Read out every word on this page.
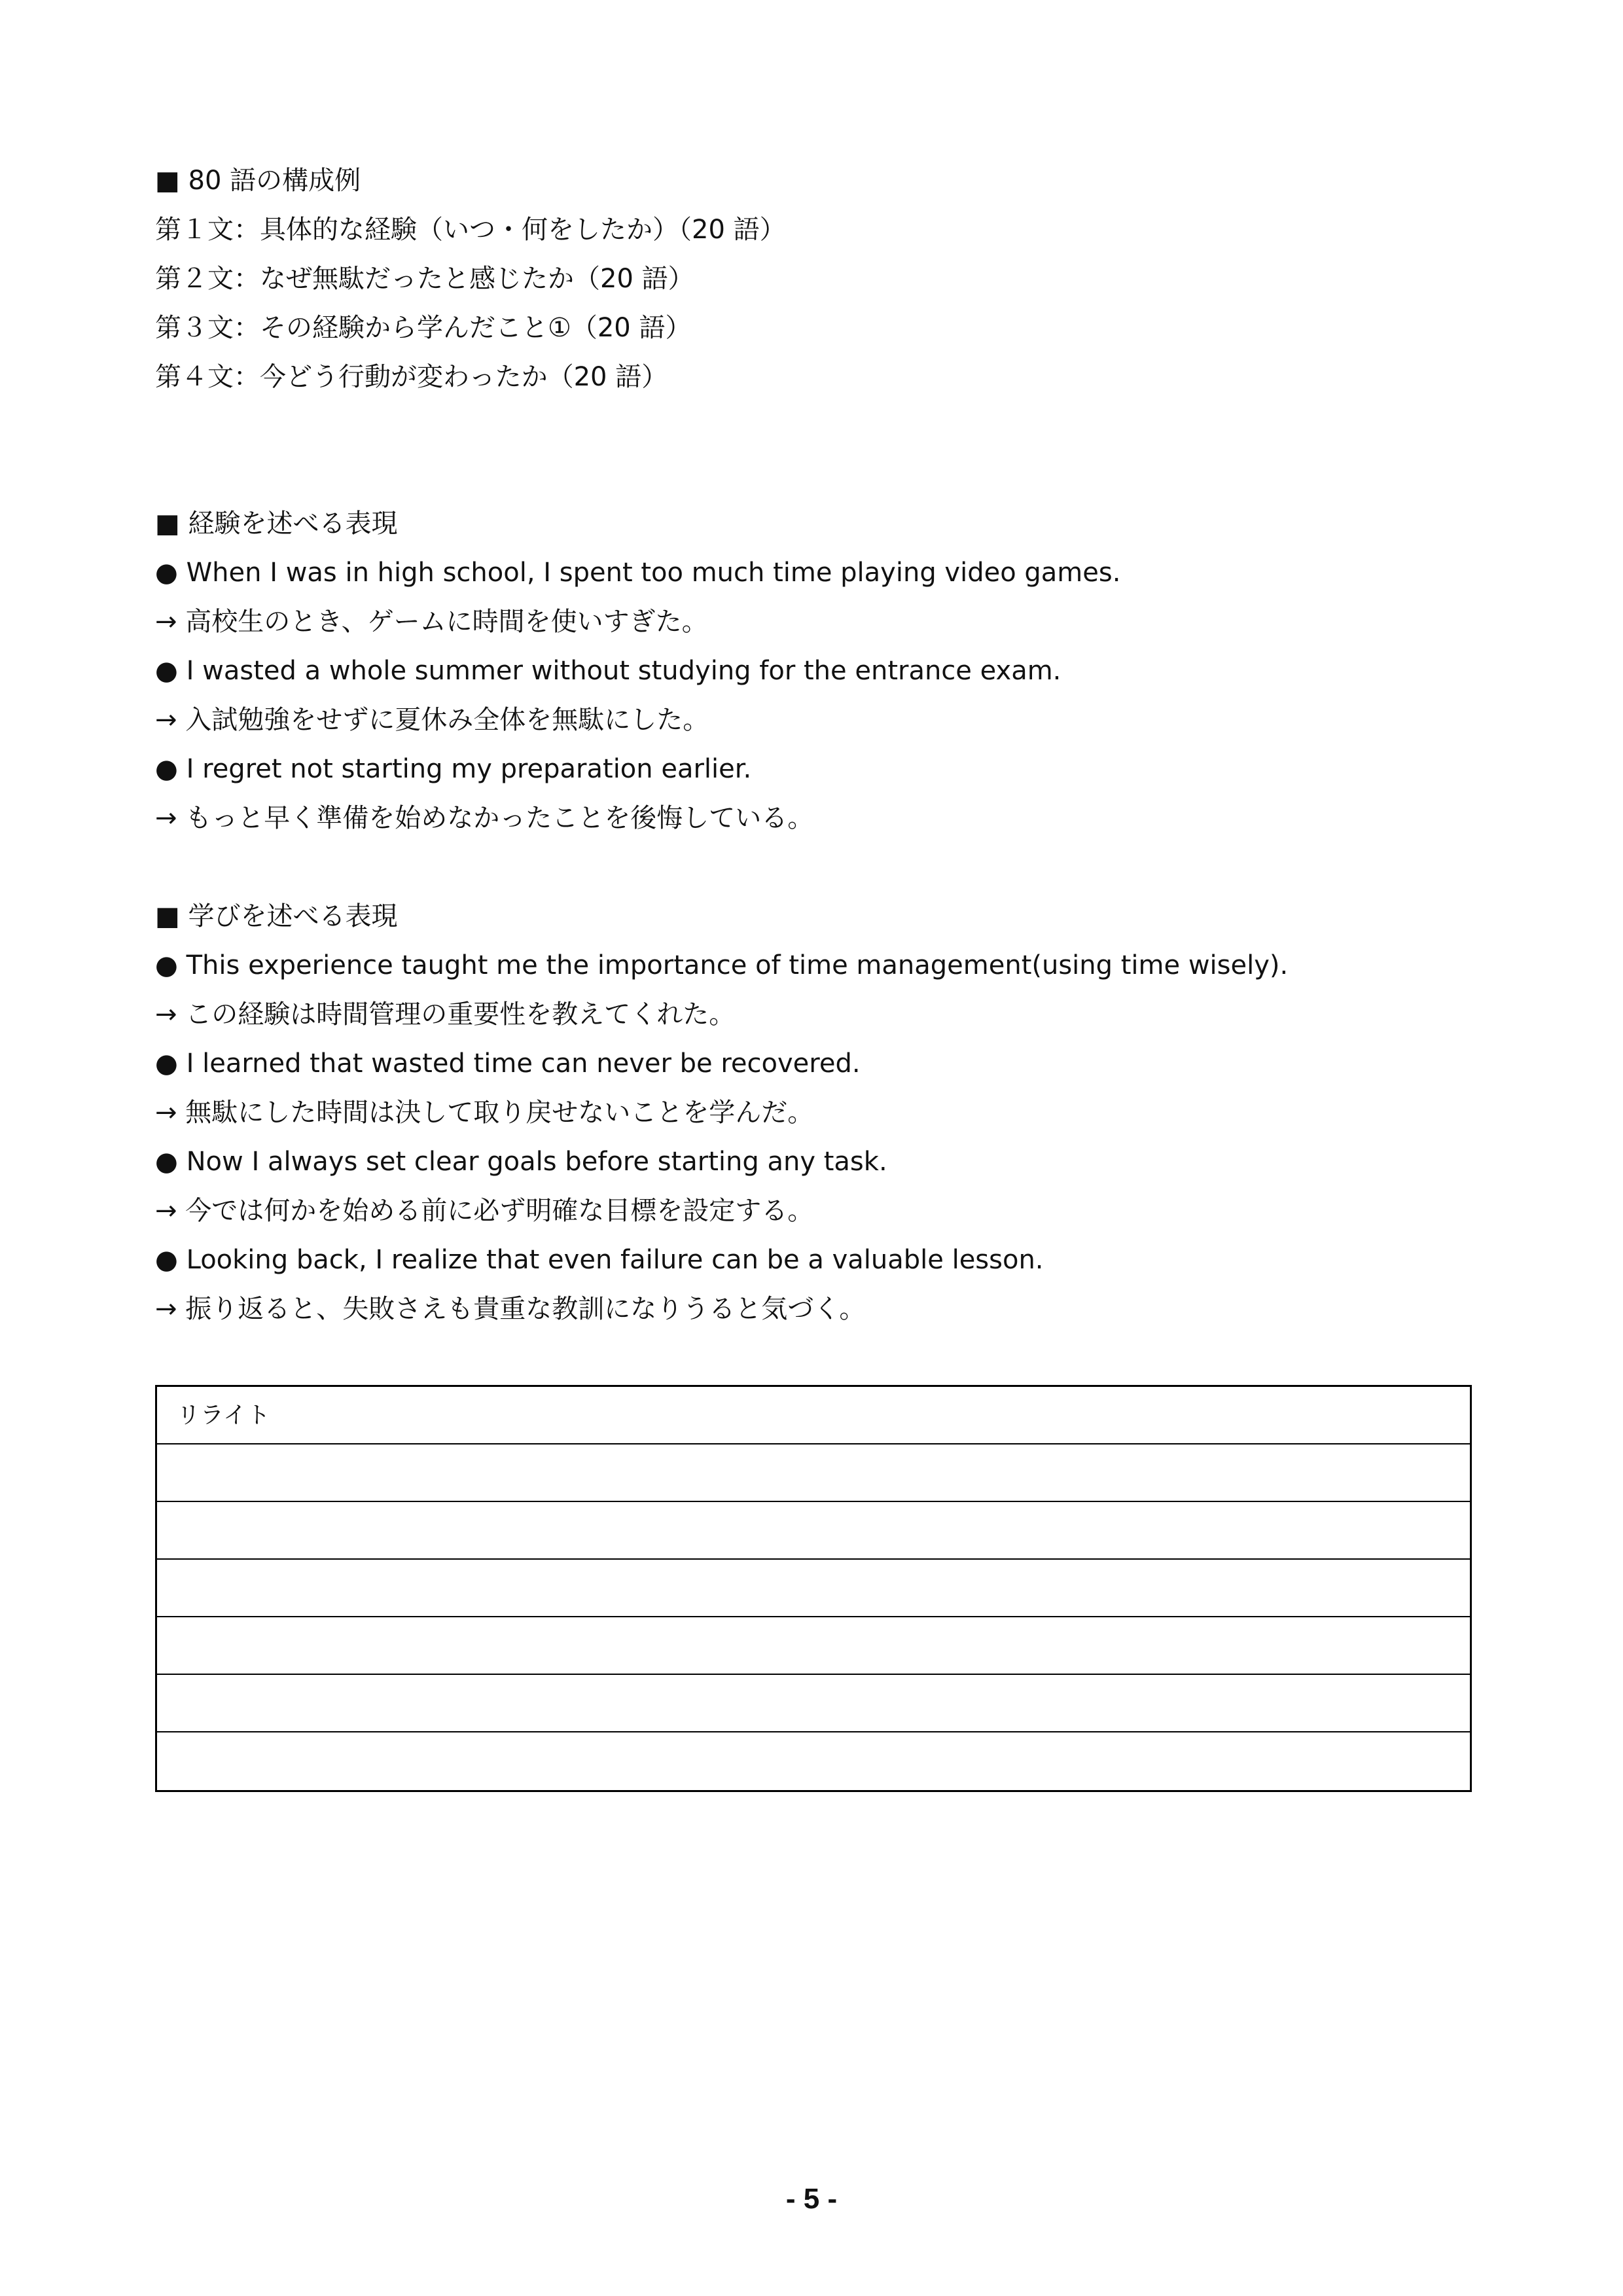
■ 80 語の構成例
第１文：具体的な経験（いつ・何をしたか）（20 語）
第２文：なぜ無駄だったと感じたか（20 語）
第３文：その経験から学んだこと①（20 語）
第４文：今どう行動が変わったか（20 語）
■ 経験を述べる表現
● When I was in high school, I spent too much time playing video games.
→ 高校生のとき、ゲームに時間を使いすぎた。
● I wasted a whole summer without studying for the entrance exam.
→ 入試勉強をせずに夏休み全体を無駄にした。
● I regret not starting my preparation earlier.
→ もっと早く準備を始めなかったことを後悔している。
■ 学びを述べる表現
● This experience taught me the importance of time management(using time wisely).
→ この経験は時間管理の重要性を教えてくれた。
● I learned that wasted time can never be recovered.
→ 無駄にした時間は決して取り戻せないことを学んだ。
● Now I always set clear goals before starting any task.
→ 今では何かを始める前に必ず明確な目標を設定する。
● Looking back, I realize that even failure can be a valuable lesson.
→ 振り返ると、失敗さえも貴重な教訓になりうると気づく。
リライト
- 5 -
